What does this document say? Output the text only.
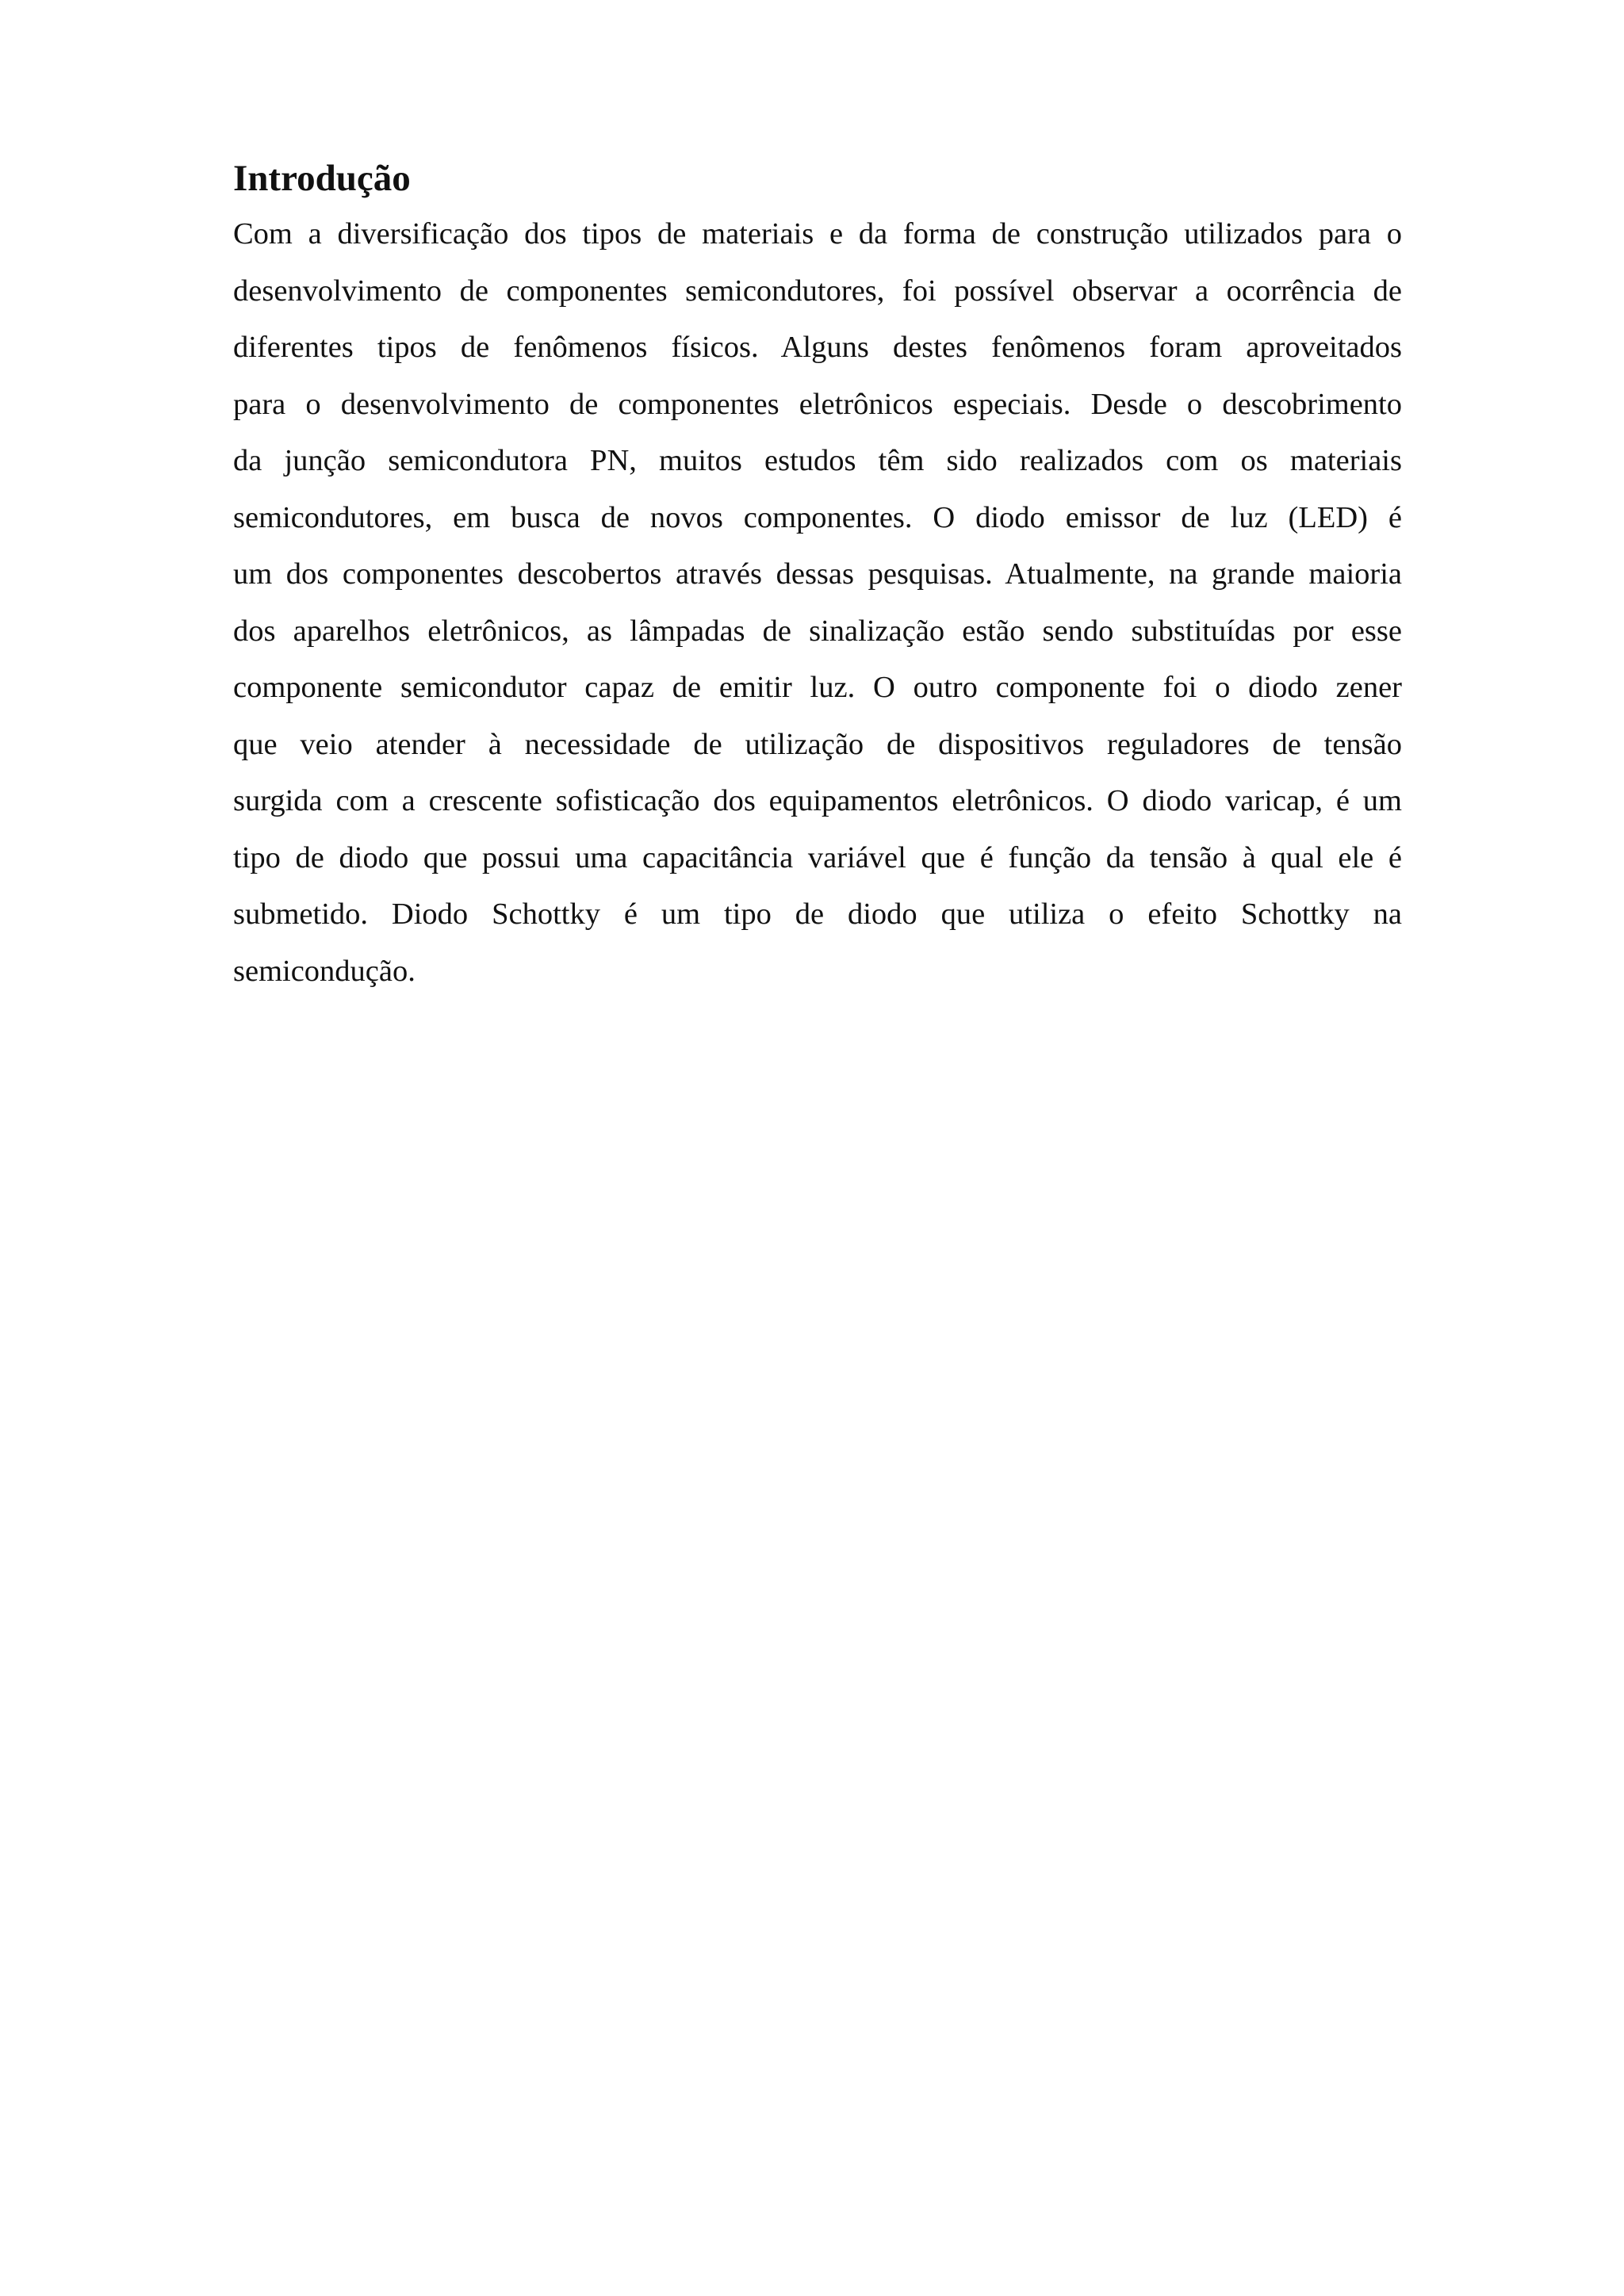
Introdução
Com a diversificação dos tipos de materiais e da forma de construção utilizados para o
desenvolvimento de componentes semicondutores, foi possível observar a ocorrência de
diferentes tipos de fenômenos físicos. Alguns destes fenômenos foram aproveitados
para o desenvolvimento de componentes eletrônicos especiais. Desde o descobrimento
da junção semicondutora PN, muitos estudos têm sido realizados com os materiais
semicondutores, em busca de novos componentes. O diodo emissor de luz (LED) é
um dos componentes descobertos através dessas pesquisas. Atualmente, na grande maioria
dos aparelhos eletrônicos, as lâmpadas de sinalização estão sendo substituídas por esse
componente semicondutor capaz de emitir luz. O outro componente foi o diodo zener
que veio atender à necessidade de utilização de dispositivos reguladores de tensão
surgida com a crescente sofisticação dos equipamentos eletrônicos. O diodo varicap, é um
tipo de diodo que possui uma capacitância variável que é função da tensão à qual ele é
submetido. Diodo Schottky é um tipo de diodo que utiliza o efeito Schottky na
semicondução.
